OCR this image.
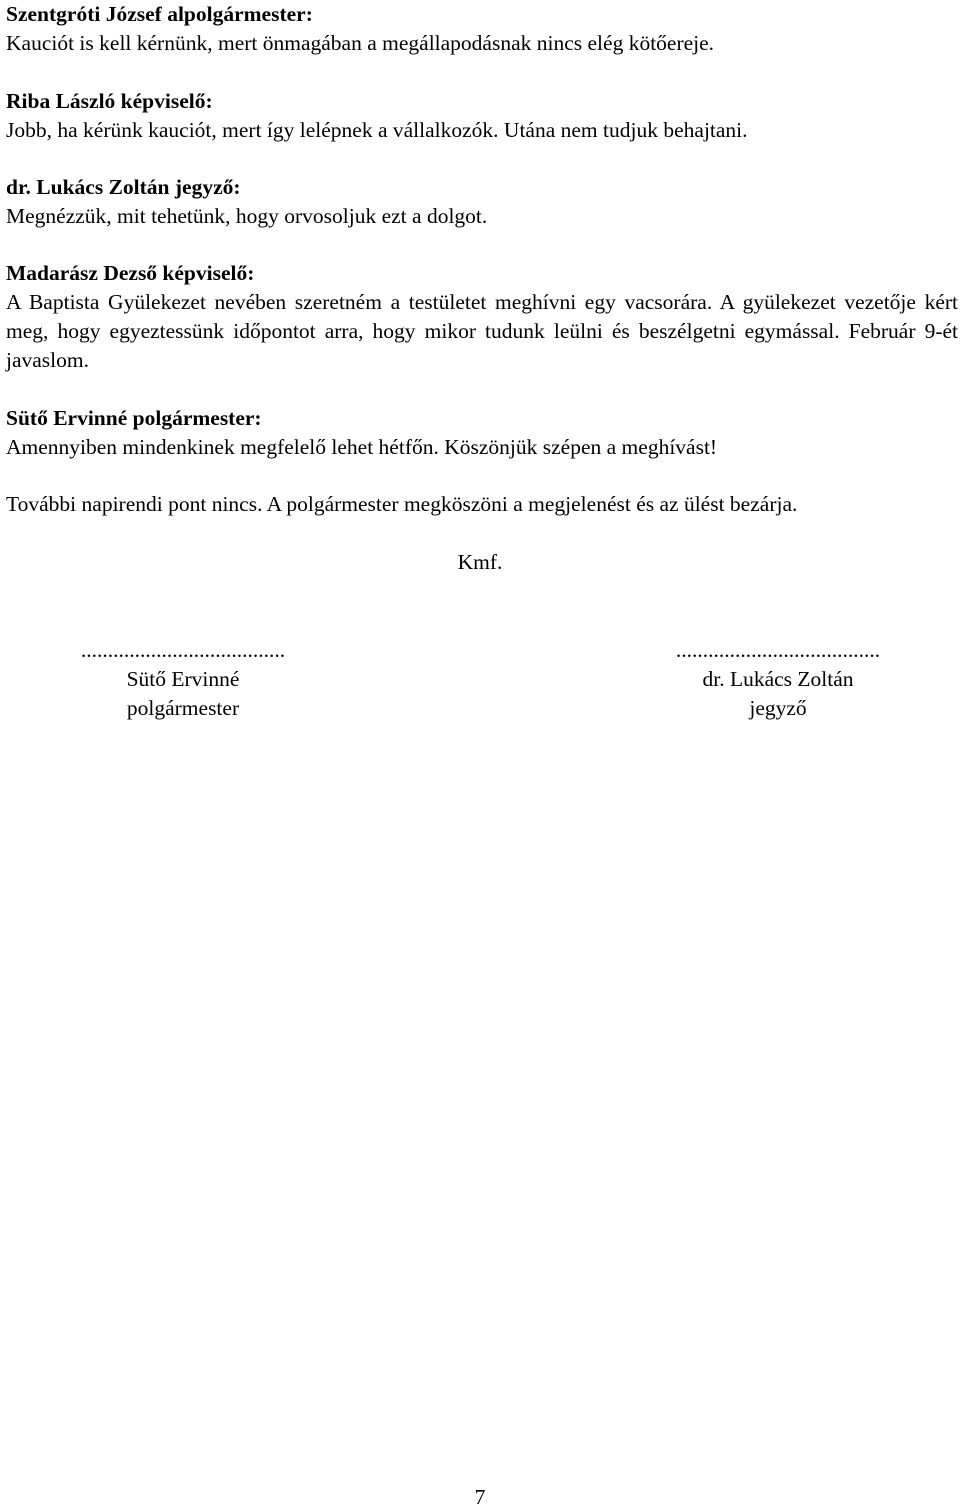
Szentgróti József alpolgármester:
Kauciót is kell kérnünk, mert önmagában a megállapodásnak nincs elég kötőereje.
Riba László képviselő:
Jobb, ha kérünk kauciót, mert így lelépnek a vállalkozók. Utána nem tudjuk behajtani.
dr. Lukács Zoltán jegyző:
Megnézzük, mit tehetünk, hogy orvosoljuk ezt a dolgot.
Madarász Dezső képviselő:
A Baptista Gyülekezet nevében szeretném a testületet meghívni egy vacsorára. A gyülekezet vezetője kért meg, hogy egyeztessünk időpontot arra, hogy mikor tudunk leülni és beszélgetni egymással. Február 9-ét javaslom.
Sütő Ervinné polgármester:
Amennyiben mindenkinek megfelelő lehet hétfőn. Köszönjük szépen a meghívást!
További napirendi pont nincs. A polgármester megköszöni a megjelenést és az ülést bezárja.
Kmf.
......................................
Sütő Ervinné
polgármester
......................................
dr. Lukács Zoltán
jegyző
7
